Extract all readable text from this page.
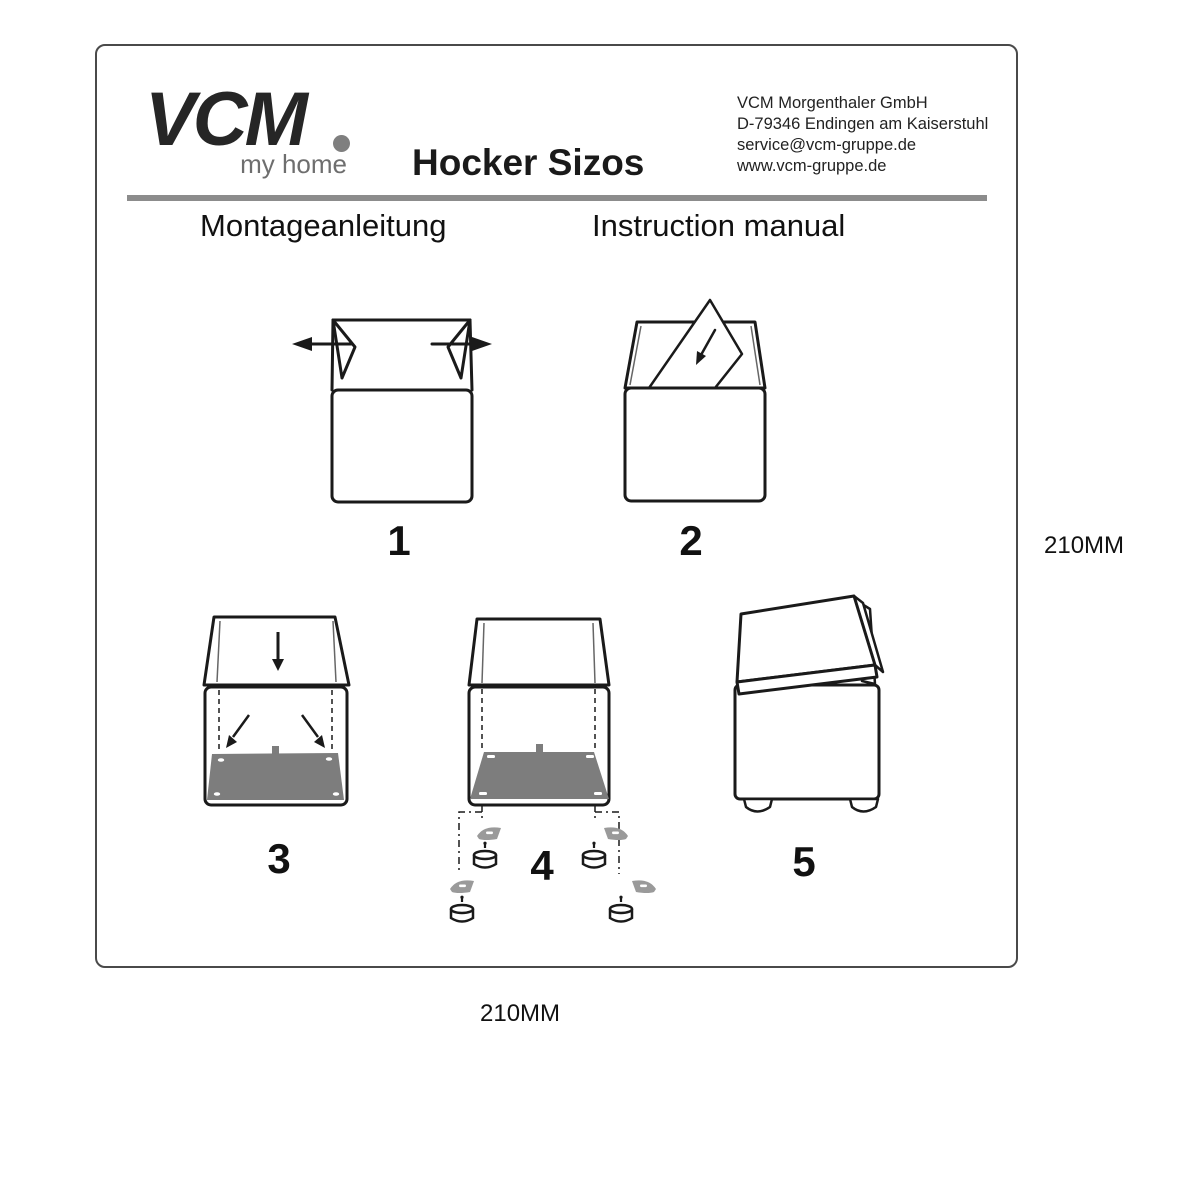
VCM
my home Hocker Sizos
VCM Morgenthaler GmbH
D-79346 Endingen am Kaiserstuhl
service@vcm-gruppe.de
www.vcm-gruppe.de
Montageanleitung	Instruction manual
1	2
3	4	5
210MM
210MM
